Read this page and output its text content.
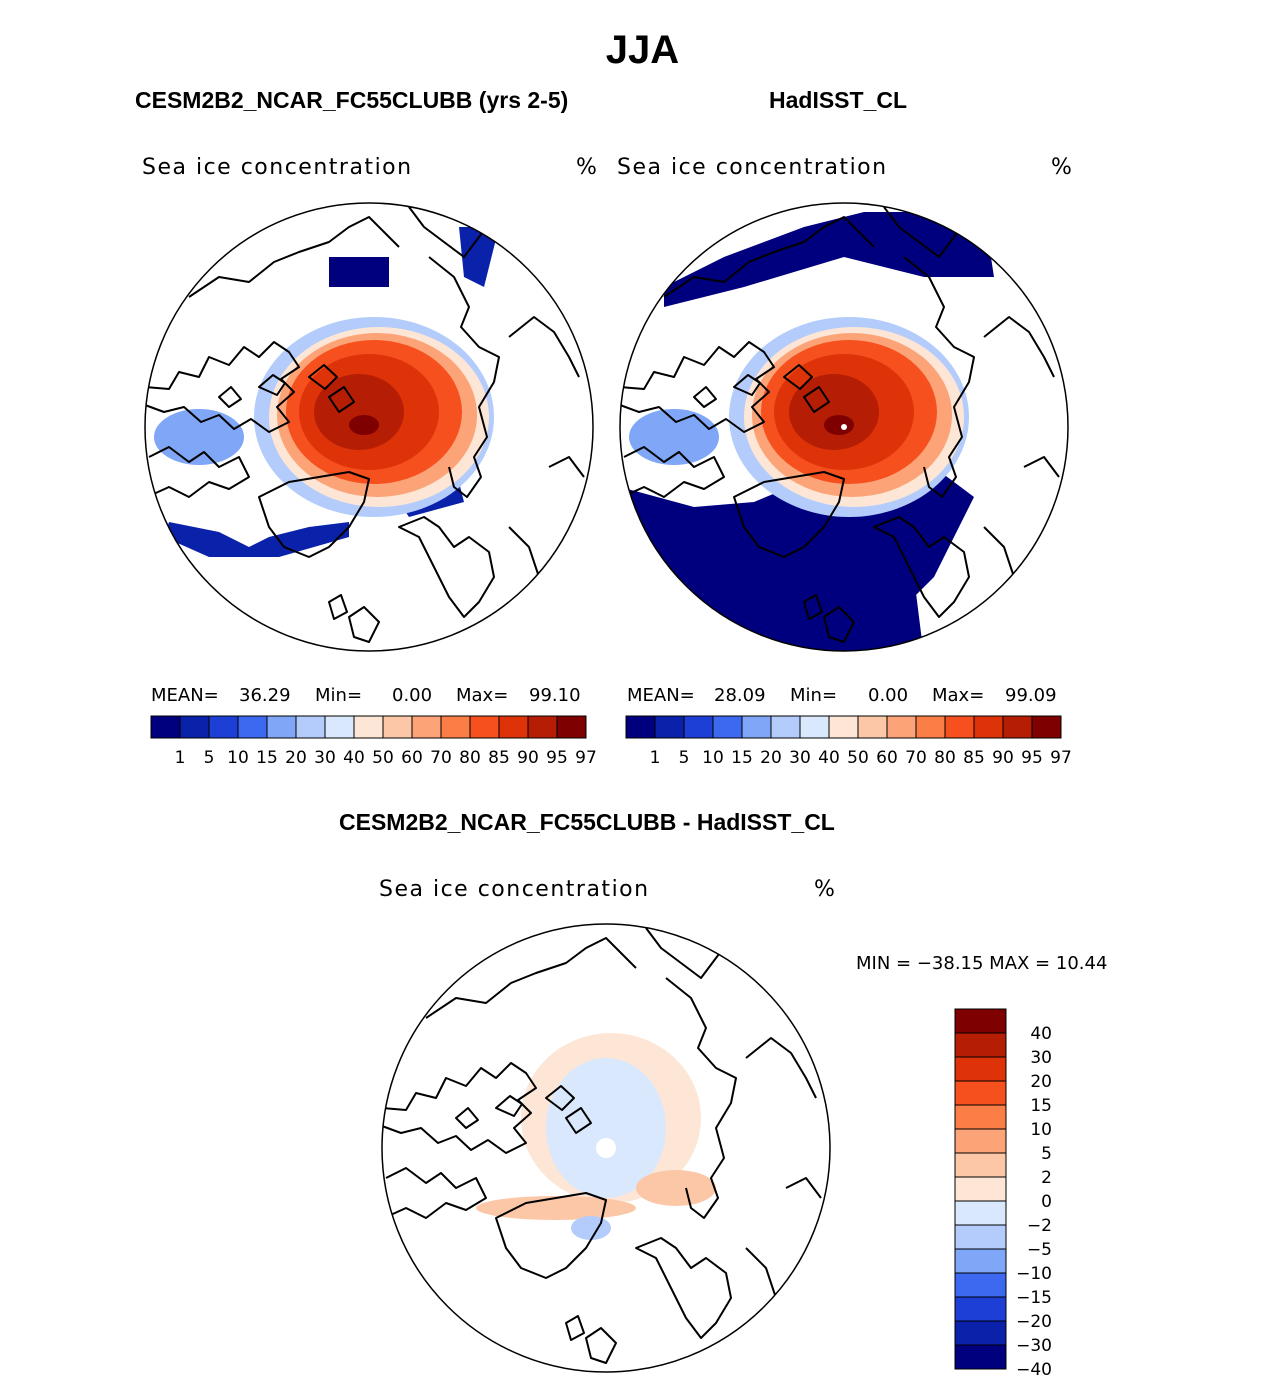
JJA
CESM2B2_NCAR_FC55CLUBB (yrs 2-5)	HadISST_CL
Sea ice concentration	% Sea ice concentration	%
MEAN= 36.29 Min= 0.00 Max= 99.10	MEAN= 28.09 Min= 0.00 Max= 99.09
CESM2B2_NCAR_FC55CLUBB - HadISST_CL
Sea ice concentration	%
MIN = −38.15 MAX = 10.44
1 5 10 15 20 30 40 50 60 70 80 85 90 95 97	1 5 10 15 20 30 40 50 60 70 80 85 90 95 97
40
30
20
15
10
5
2
0
−2
−5
−10
−15
−20
−30
−40
